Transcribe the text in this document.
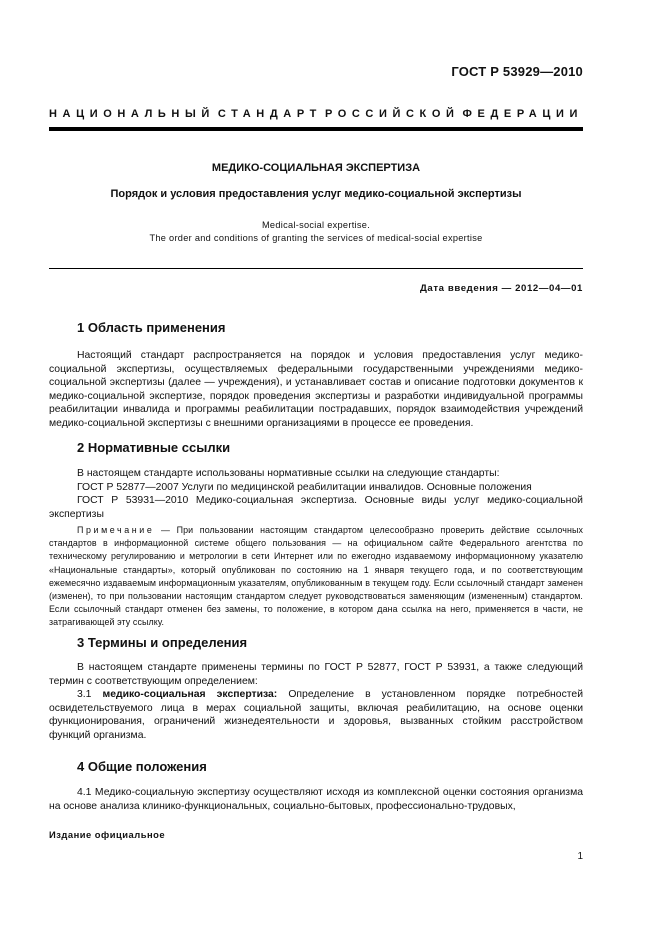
ГОСТ Р 53929—2010
НАЦИОНАЛЬНЫЙ СТАНДАРТ РОССИЙСКОЙ ФЕДЕРАЦИИ
МЕДИКО-СОЦИАЛЬНАЯ ЭКСПЕРТИЗА
Порядок и условия предоставления услуг медико-социальной экспертизы
Medical-social expertise.
The order and conditions of granting the services of medical-social expertise
Дата введения — 2012—04—01
1 Область применения

Настоящий стандарт распространяется на порядок и условия предоставления услуг медико-социальной экспертизы, осуществляемых федеральными государственными учреждениями медико-социальной экспертизы (далее — учреждения), и устанавливает состав и описание подготовки документов к медико-социальной экспертизе, порядок проведения экспертизы и разработки индивидуальной программы реабилитации инвалида и программы реабилитации пострадавших, порядок взаимодействия учреждений медико-социальной экспертизы с внешними организациями в процессе ее проведения.

2 Нормативные ссылки

В настоящем стандарте использованы нормативные ссылки на следующие стандарты:

ГОСТ Р 52877—2007 Услуги по медицинской реабилитации инвалидов. Основные положения

ГОСТ Р 53931—2010 Медико-социальная экспертиза. Основные виды услуг медико-социальной экспертизы

Примечание — При пользовании настоящим стандартом целесообразно проверить действие ссылочных стандартов в информационной системе общего пользования — на официальном сайте Федерального агентства по техническому регулированию и метрологии в сети Интернет или по ежегодно издаваемому информационному указателю «Национальные стандарты», который опубликован по состоянию на 1 января текущего года, и по соответствующим ежемесячно издаваемым информационным указателям, опубликованным в текущем году. Если ссылочный стандарт заменен (изменен), то при пользовании настоящим стандартом следует руководствоваться заменяющим (измененным) стандартом. Если ссылочный стандарт отменен без замены, то положение, в котором дана ссылка на него, применяется в части, не затрагивающей эту ссылку.

3 Термины и определения

В настоящем стандарте применены термины по ГОСТ Р 52877, ГОСТ Р 53931, а также следующий термин с соответствующим определением:

3.1 медико-социальная экспертиза: Определение в установленном порядке потребностей освидетельствуемого лица в мерах социальной защиты, включая реабилитацию, на основе оценки функционирования, ограничений жизнедеятельности и здоровья, вызванных стойким расстройством функций организма.

4 Общие положения

4.1 Медико-социальную экспертизу осуществляют исходя из комплексной оценки состояния организма на основе анализа клинико-функциональных, социально-бытовых, профессионально-трудовых,

Издание официальное
1
